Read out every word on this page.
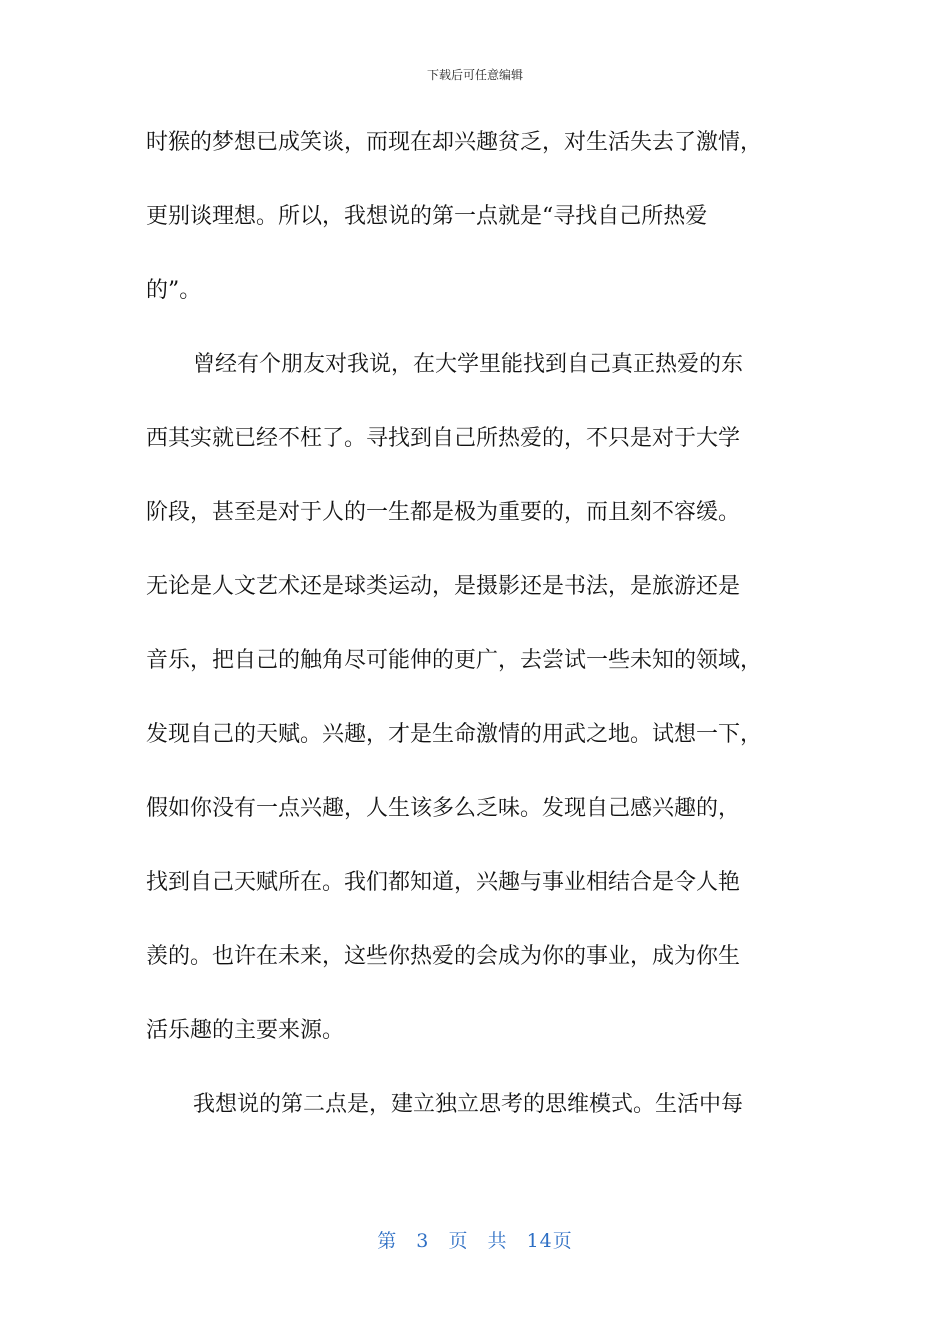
下载后可任意编辑
时猴的梦想已成笑谈，而现在却兴趣贫乏，对生活失去了激情，
更别谈理想。所以，我想说的第一点就是“寻找自己所热爱
的”。
曾经有个朋友对我说，在大学里能找到自己真正热爱的东
西其实就已经不枉了。寻找到自己所热爱的，不只是对于大学
阶段，甚至是对于人的一生都是极为重要的，而且刻不容缓。
无论是人文艺术还是球类运动，是摄影还是书法，是旅游还是
音乐，把自己的触角尽可能伸的更广，去尝试一些未知的领域，
发现自己的天赋。兴趣，才是生命激情的用武之地。试想一下，
假如你没有一点兴趣，人生该多么乏味。发现自己感兴趣的，
找到自己天赋所在。我们都知道，兴趣与事业相结合是令人艳
羡的。也许在未来，这些你热爱的会成为你的事业，成为你生
活乐趣的主要来源。
我想说的第二点是，建立独立思考的思维模式。生活中每
第 3 页 共 14页
